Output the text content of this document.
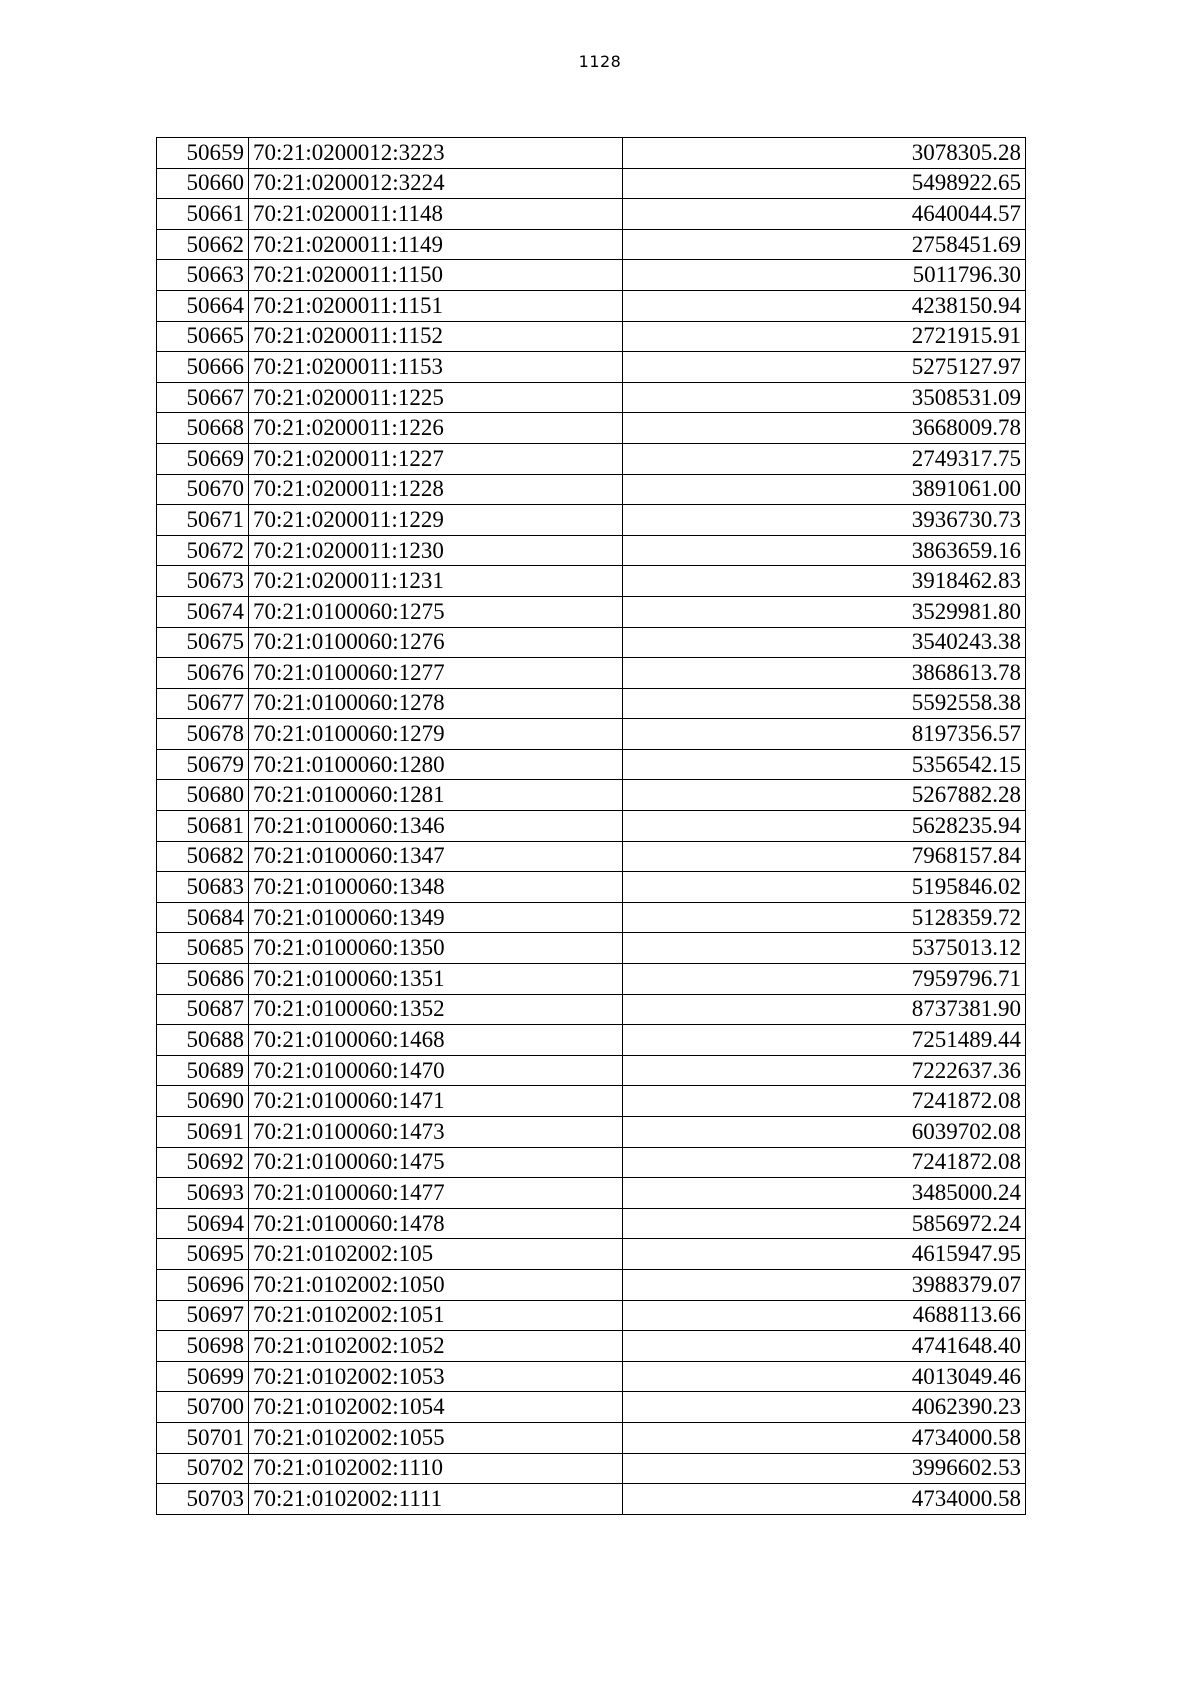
1128
50659	70:21:0200012:3223	3078305.28
50660	70:21:0200012:3224	5498922.65
50661	70:21:0200011:1148	4640044.57
50662	70:21:0200011:1149	2758451.69
50663	70:21:0200011:1150	5011796.30
50664	70:21:0200011:1151	4238150.94
50665	70:21:0200011:1152	2721915.91
50666	70:21:0200011:1153	5275127.97
50667	70:21:0200011:1225	3508531.09
50668	70:21:0200011:1226	3668009.78
50669	70:21:0200011:1227	2749317.75
50670	70:21:0200011:1228	3891061.00
50671	70:21:0200011:1229	3936730.73
50672	70:21:0200011:1230	3863659.16
50673	70:21:0200011:1231	3918462.83
50674	70:21:0100060:1275	3529981.80
50675	70:21:0100060:1276	3540243.38
50676	70:21:0100060:1277	3868613.78
50677	70:21:0100060:1278	5592558.38
50678	70:21:0100060:1279	8197356.57
50679	70:21:0100060:1280	5356542.15
50680	70:21:0100060:1281	5267882.28
50681	70:21:0100060:1346	5628235.94
50682	70:21:0100060:1347	7968157.84
50683	70:21:0100060:1348	5195846.02
50684	70:21:0100060:1349	5128359.72
50685	70:21:0100060:1350	5375013.12
50686	70:21:0100060:1351	7959796.71
50687	70:21:0100060:1352	8737381.90
50688	70:21:0100060:1468	7251489.44
50689	70:21:0100060:1470	7222637.36
50690	70:21:0100060:1471	7241872.08
50691	70:21:0100060:1473	6039702.08
50692	70:21:0100060:1475	7241872.08
50693	70:21:0100060:1477	3485000.24
50694	70:21:0100060:1478	5856972.24
50695	70:21:0102002:105	4615947.95
50696	70:21:0102002:1050	3988379.07
50697	70:21:0102002:1051	4688113.66
50698	70:21:0102002:1052	4741648.40
50699	70:21:0102002:1053	4013049.46
50700	70:21:0102002:1054	4062390.23
50701	70:21:0102002:1055	4734000.58
50702	70:21:0102002:1110	3996602.53
50703	70:21:0102002:1111	4734000.58
